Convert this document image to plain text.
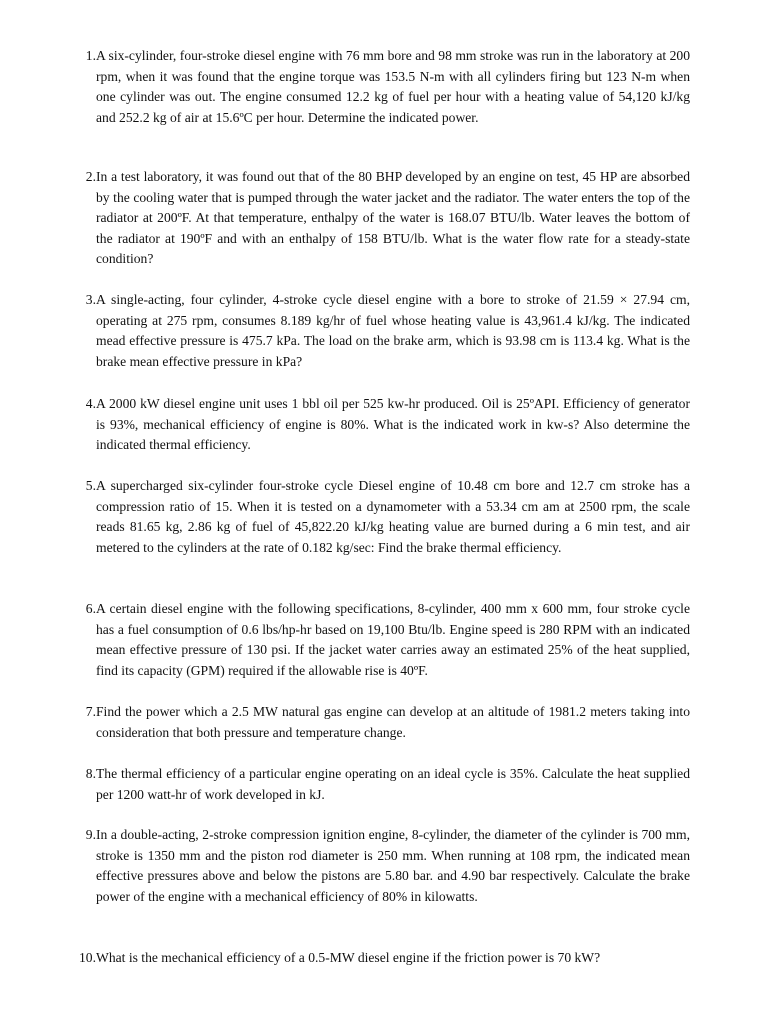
1. A six-cylinder, four-stroke diesel engine with 76 mm bore and 98 mm stroke was run in the laboratory at 200 rpm, when it was found that the engine torque was 153.5 N-m with all cylinders firing but 123 N-m when one cylinder was out. The engine consumed 12.2 kg of fuel per hour with a heating value of 54,120 kJ/kg and 252.2 kg of air at 15.6ºC per hour. Determine the indicated power.
2. In a test laboratory, it was found out that of the 80 BHP developed by an engine on test, 45 HP are absorbed by the cooling water that is pumped through the water jacket and the radiator. The water enters the top of the radiator at 200ºF. At that temperature, enthalpy of the water is 168.07 BTU/lb. Water leaves the bottom of the radiator at 190ºF and with an enthalpy of 158 BTU/lb. What is the water flow rate for a steady-state condition?
3. A single-acting, four cylinder, 4-stroke cycle diesel engine with a bore to stroke of 21.59 × 27.94 cm, operating at 275 rpm, consumes 8.189 kg/hr of fuel whose heating value is 43,961.4 kJ/kg. The indicated mead effective pressure is 475.7 kPa. The load on the brake arm, which is 93.98 cm is 113.4 kg. What is the brake mean effective pressure in kPa?
4. A 2000 kW diesel engine unit uses 1 bbl oil per 525 kw-hr produced. Oil is 25ºAPI. Efficiency of generator is 93%, mechanical efficiency of engine is 80%. What is the indicated work in kw-s? Also determine the indicated thermal efficiency.
5. A supercharged six-cylinder four-stroke cycle Diesel engine of 10.48 cm bore and 12.7 cm stroke has a compression ratio of 15. When it is tested on a dynamometer with a 53.34 cm am at 2500 rpm, the scale reads 81.65 kg, 2.86 kg of fuel of 45,822.20 kJ/kg heating value are burned during a 6 min test, and air metered to the cylinders at the rate of 0.182 kg/sec: Find the brake thermal efficiency.
6. A certain diesel engine with the following specifications, 8-cylinder, 400 mm x 600 mm, four stroke cycle has a fuel consumption of 0.6 lbs/hp-hr based on 19,100 Btu/lb. Engine speed is 280 RPM with an indicated mean effective pressure of 130 psi. If the jacket water carries away an estimated 25% of the heat supplied, find its capacity (GPM) required if the allowable rise is 40ºF.
7. Find the power which a 2.5 MW natural gas engine can develop at an altitude of 1981.2 meters taking into consideration that both pressure and temperature change.
8. The thermal efficiency of a particular engine operating on an ideal cycle is 35%. Calculate the heat supplied per 1200 watt-hr of work developed in kJ.
9. In a double-acting, 2-stroke compression ignition engine, 8-cylinder, the diameter of the cylinder is 700 mm, stroke is 1350 mm and the piston rod diameter is 250 mm. When running at 108 rpm, the indicated mean effective pressures above and below the pistons are 5.80 bar. and 4.90 bar respectively. Calculate the brake power of the engine with a mechanical efficiency of 80% in kilowatts.
10. What is the mechanical efficiency of a 0.5-MW diesel engine if the friction power is 70 kW?
